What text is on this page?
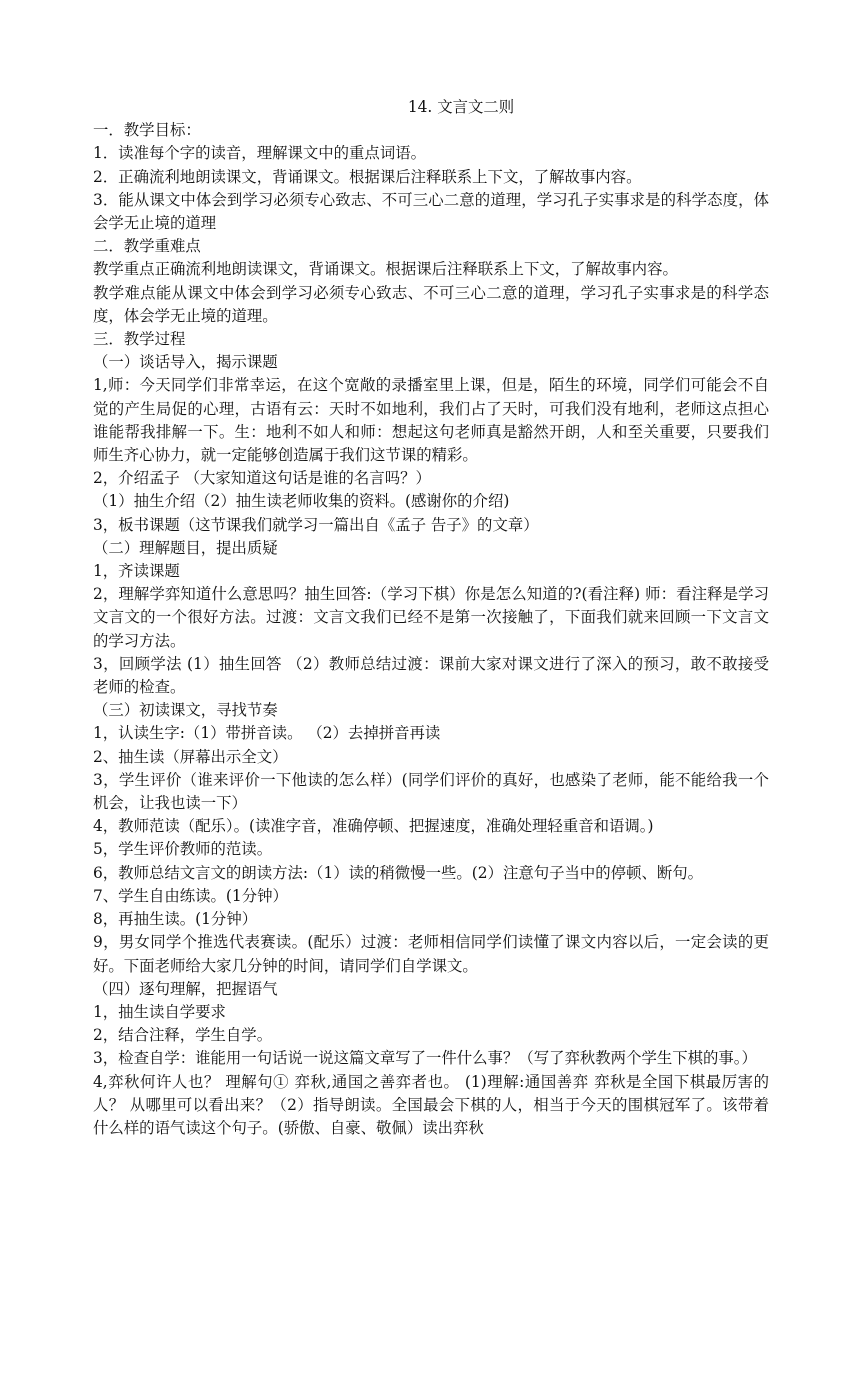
14. 文言文二则

一．教学目标：

1．读准每个字的读音，理解课文中的重点词语。

2．正确流利地朗读课文，背诵课文。根据课后注释联系上下文，了解故事内容。

3．能从课文中体会到学习必须专心致志、不可三心二意的道理，学习孔子实事求是的科学态度，体会学无止境的道理

二．教学重难点

教学重点正确流利地朗读课文，背诵课文。根据课后注释联系上下文，了解故事内容。

教学难点能从课文中体会到学习必须专心致志、不可三心二意的道理，学习孔子实事求是的科学态度，体会学无止境的道理。

三．教学过程

（一）谈话导入，揭示课题

1,师：今天同学们非常幸运，在这个宽敞的录播室里上课，但是，陌生的环境，同学们可能会不自觉的产生局促的心理，古语有云：天时不如地利，我们占了天时，可我们没有地利，老师这点担心谁能帮我排解一下。生：地利不如人和师：想起这句老师真是豁然开朗，人和至关重要，只要我们师生齐心协力，就一定能够创造属于我们这节课的精彩。

2，介绍孟子 （大家知道这句话是谁的名言吗？）

（1）抽生介绍（2）抽生读老师收集的资料。(感谢你的介绍)

3，板书课题（这节课我们就学习一篇出自《孟子 告子》的文章）

（二）理解题目，提出质疑

1，齐读课题

2，理解学弈知道什么意思吗？抽生回答:（学习下棋）你是怎么知道的?(看注释) 师：看注释是学习文言文的一个很好方法。过渡：文言文我们已经不是第一次接触了，下面我们就来回顾一下文言文的学习方法。

3，回顾学法 (1）抽生回答 （2）教师总结过渡：课前大家对课文进行了深入的预习，敢不敢接受老师的检查。

（三）初读课文，寻找节奏

1，认读生字:（1）带拼音读。 （2）去掉拼音再读

2、抽生读（屏幕出示全文）

3，学生评价（谁来评价一下他读的怎么样）(同学们评价的真好，也感染了老师，能不能给我一个机会，让我也读一下）

4，教师范读（配乐）。(读准字音，准确停顿、把握速度，准确处理轻重音和语调。)

5，学生评价教师的范读。

6，教师总结文言文的朗读方法:（1）读的稍微慢一些。(2）注意句子当中的停顿、断句。

7、学生自由练读。(1分钟）

8，再抽生读。(1分钟）

9，男女同学个推选代表赛读。(配乐）过渡：老师相信同学们读懂了课文内容以后，一定会读的更好。下面老师给大家几分钟的时间，请同学们自学课文。

（四）逐句理解，把握语气

1，抽生读自学要求

2，结合注释，学生自学。

3，检查自学：谁能用一句话说一说这篇文章写了一件什么事？（写了弈秋教两个学生下棋的事。）

4,弈秋何许人也？ 理解句① 弈秋,通国之善弈者也。 (1)理解:通国善弈 弈秋是全国下棋最厉害的人？ 从哪里可以看出来？（2）指导朗读。全国最会下棋的人，相当于今天的围棋冠军了。该带着什么样的语气读这个句子。(骄傲、自豪、敬佩）读出弈秋
